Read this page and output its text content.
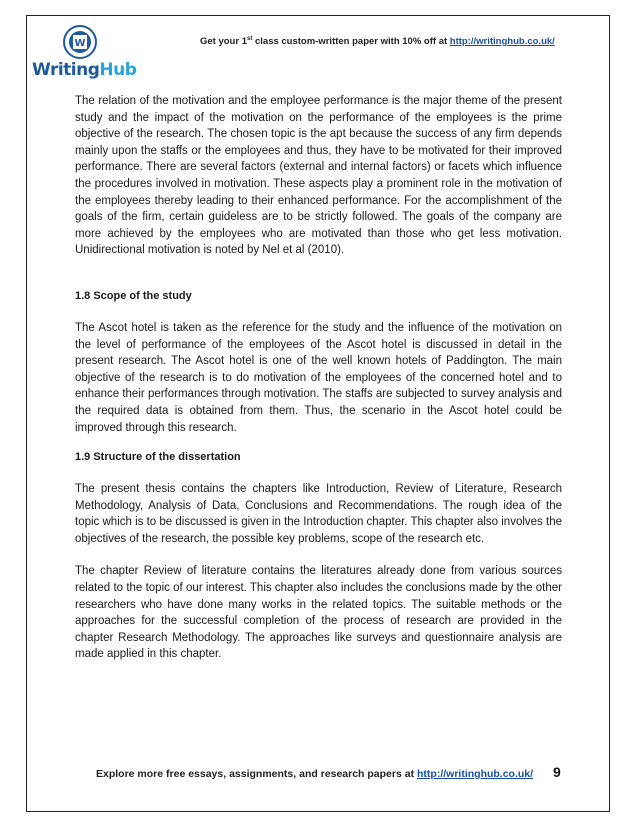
W
WritingHub
Get your 1st class custom-written paper with 10% off at http://writinghub.co.uk/

The relation of the motivation and the employee performance is the major theme of the present study and the impact of the motivation on the performance of the employees is the prime objective of the research. The chosen topic is the apt because the success of any firm depends mainly upon the staffs or the employees and thus, they have to be motivated for their improved performance. There are several factors (external and internal factors) or facets which influence the procedures involved in motivation. These aspects play a prominent role in the motivation of the employees thereby leading to their enhanced performance. For the accomplishment of the goals of the firm, certain guideless are to be strictly followed. The goals of the company are more achieved by the employees who are motivated than those who get less motivation. Unidirectional motivation is noted by Nel et al (2010).

1.8 Scope of the study

The Ascot hotel is taken as the reference for the study and the influence of the motivation on the level of performance of the employees of the Ascot hotel is discussed in detail in the present research. The Ascot hotel is one of the well known hotels of Paddington. The main objective of the research is to do motivation of the employees of the concerned hotel and to enhance their performances through motivation. The staffs are subjected to survey analysis and the required data is obtained from them. Thus, the scenario in the Ascot hotel could be improved through this research.

1.9 Structure of the dissertation

The present thesis contains the chapters like Introduction, Review of Literature, Research Methodology, Analysis of Data, Conclusions and Recommendations. The rough idea of the topic which is to be discussed is given in the Introduction chapter. This chapter also involves the objectives of the research, the possible key problems, scope of the research etc.

The chapter Review of literature contains the literatures already done from various sources related to the topic of our interest. This chapter also includes the conclusions made by the other researchers who have done many works in the related topics. The suitable methods or the approaches for the successful completion of the process of research are provided in the chapter Research Methodology. The approaches like surveys and questionnaire analysis are made applied in this chapter.

Explore more free essays, assignments, and research papers at http://writinghub.co.uk/ 9
